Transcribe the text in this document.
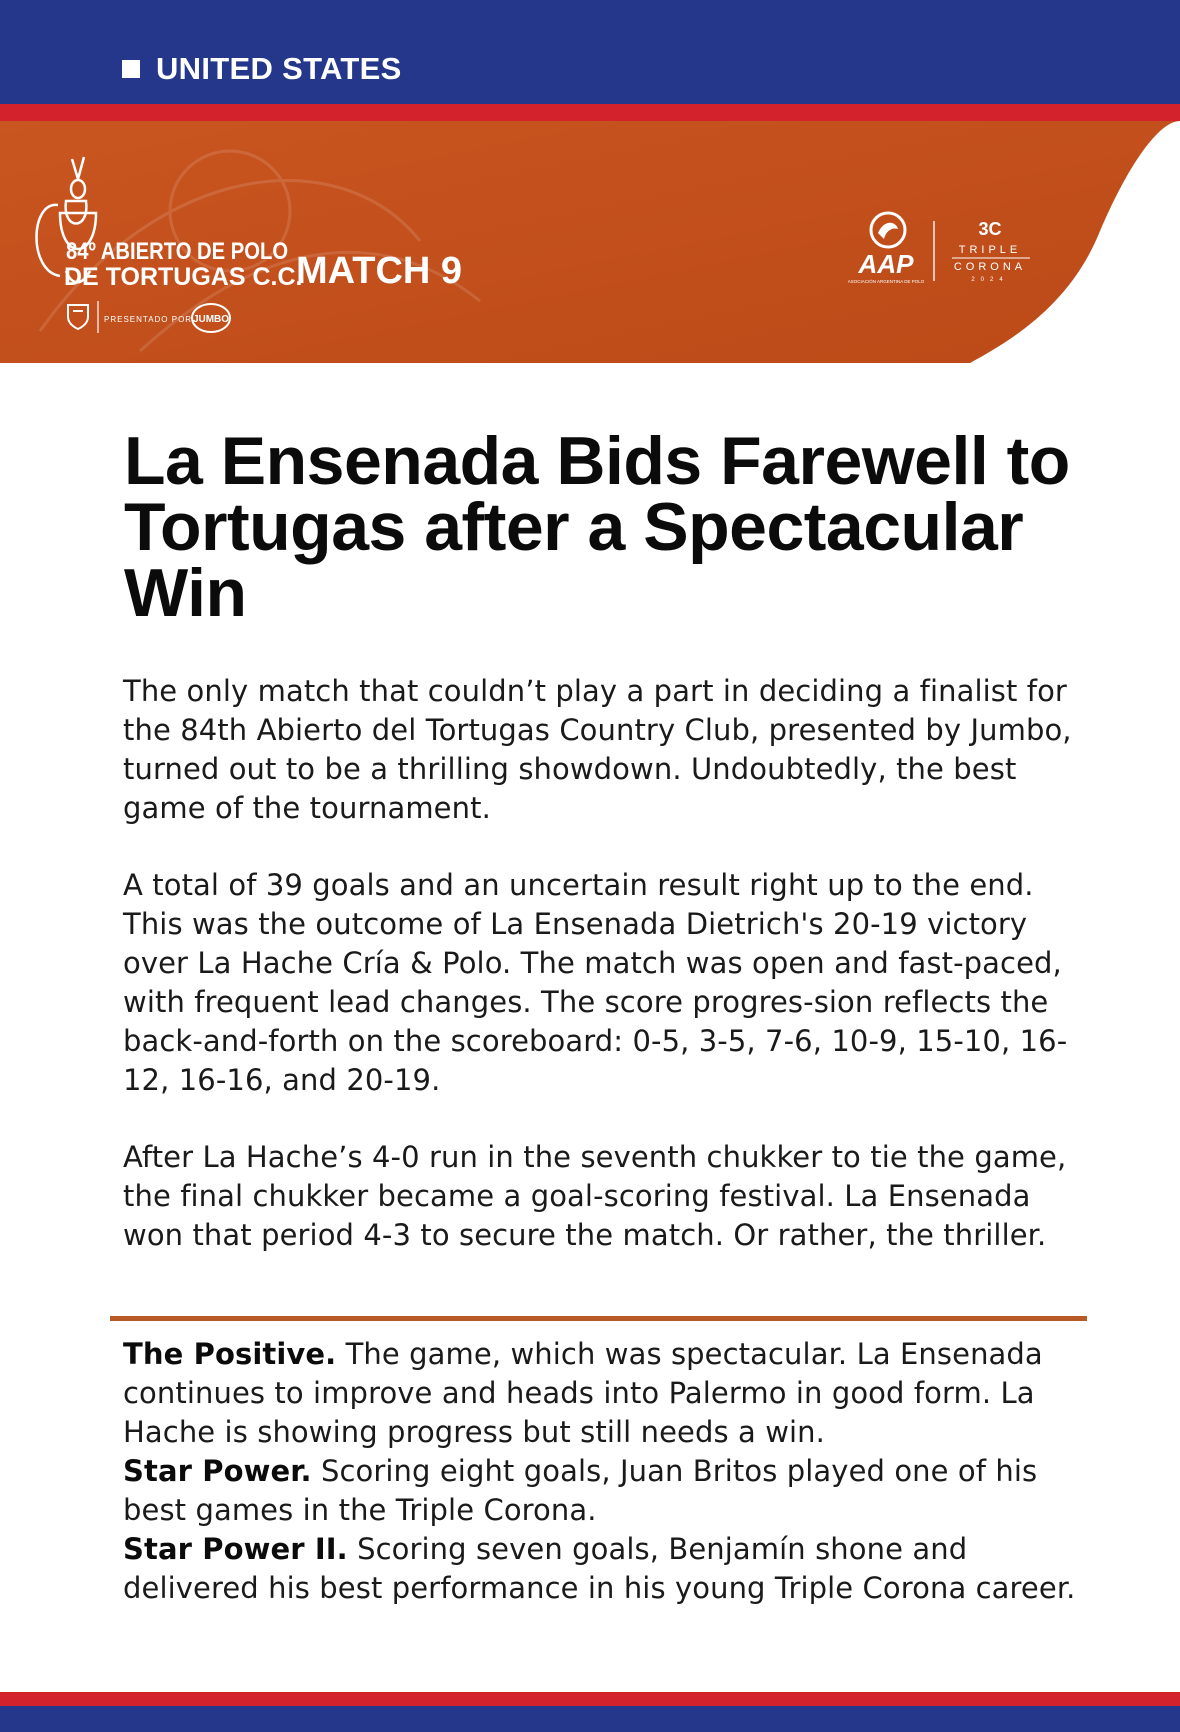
UNITED STATES
84º ABIERTO DE POLO
DE TORTUGAS C.C.
PRESENTADO POR JUMBO
AAP
ASOCIACIÓN ARGENTINA DE POLO
3C
TRIPLE
CORONA
2024
MATCH 9
La Ensenada Bids Farewell to Tortugas after a Spectacular Win

The only match that couldn’t play a part in deciding a finalist for the 84th Abierto del Tortugas Country Club, presented by Jumbo, turned out to be a thrilling showdown. Undoubtedly, the best game of the tournament.

A total of 39 goals and an uncertain result right up to the end. This was the outcome of La Ensenada Dietrich's 20-19 victory over La Hache Cría & Polo. The match was open and fast-paced, with frequent lead changes. The score progres-sion reflects the back-and-forth on the scoreboard: 0-5, 3-5, 7-6, 10-9, 15-10, 16-12, 16-16, and 20-19.

After La Hache’s 4-0 run in the seventh chukker to tie the game, the final chukker became a goal-scoring festival. La Ensenada won that period 4-3 to secure the match. Or rather, the thriller.

The Positive. The game, which was spectacular. La Ensenada continues to improve and heads into Palermo in good form. La Hache is showing progress but still needs a win.

Star Power. Scoring eight goals, Juan Britos played one of his best games in the Triple Corona.

Star Power II. Scoring seven goals, Benjamín shone and delivered his best performance in his young Triple Corona career.
